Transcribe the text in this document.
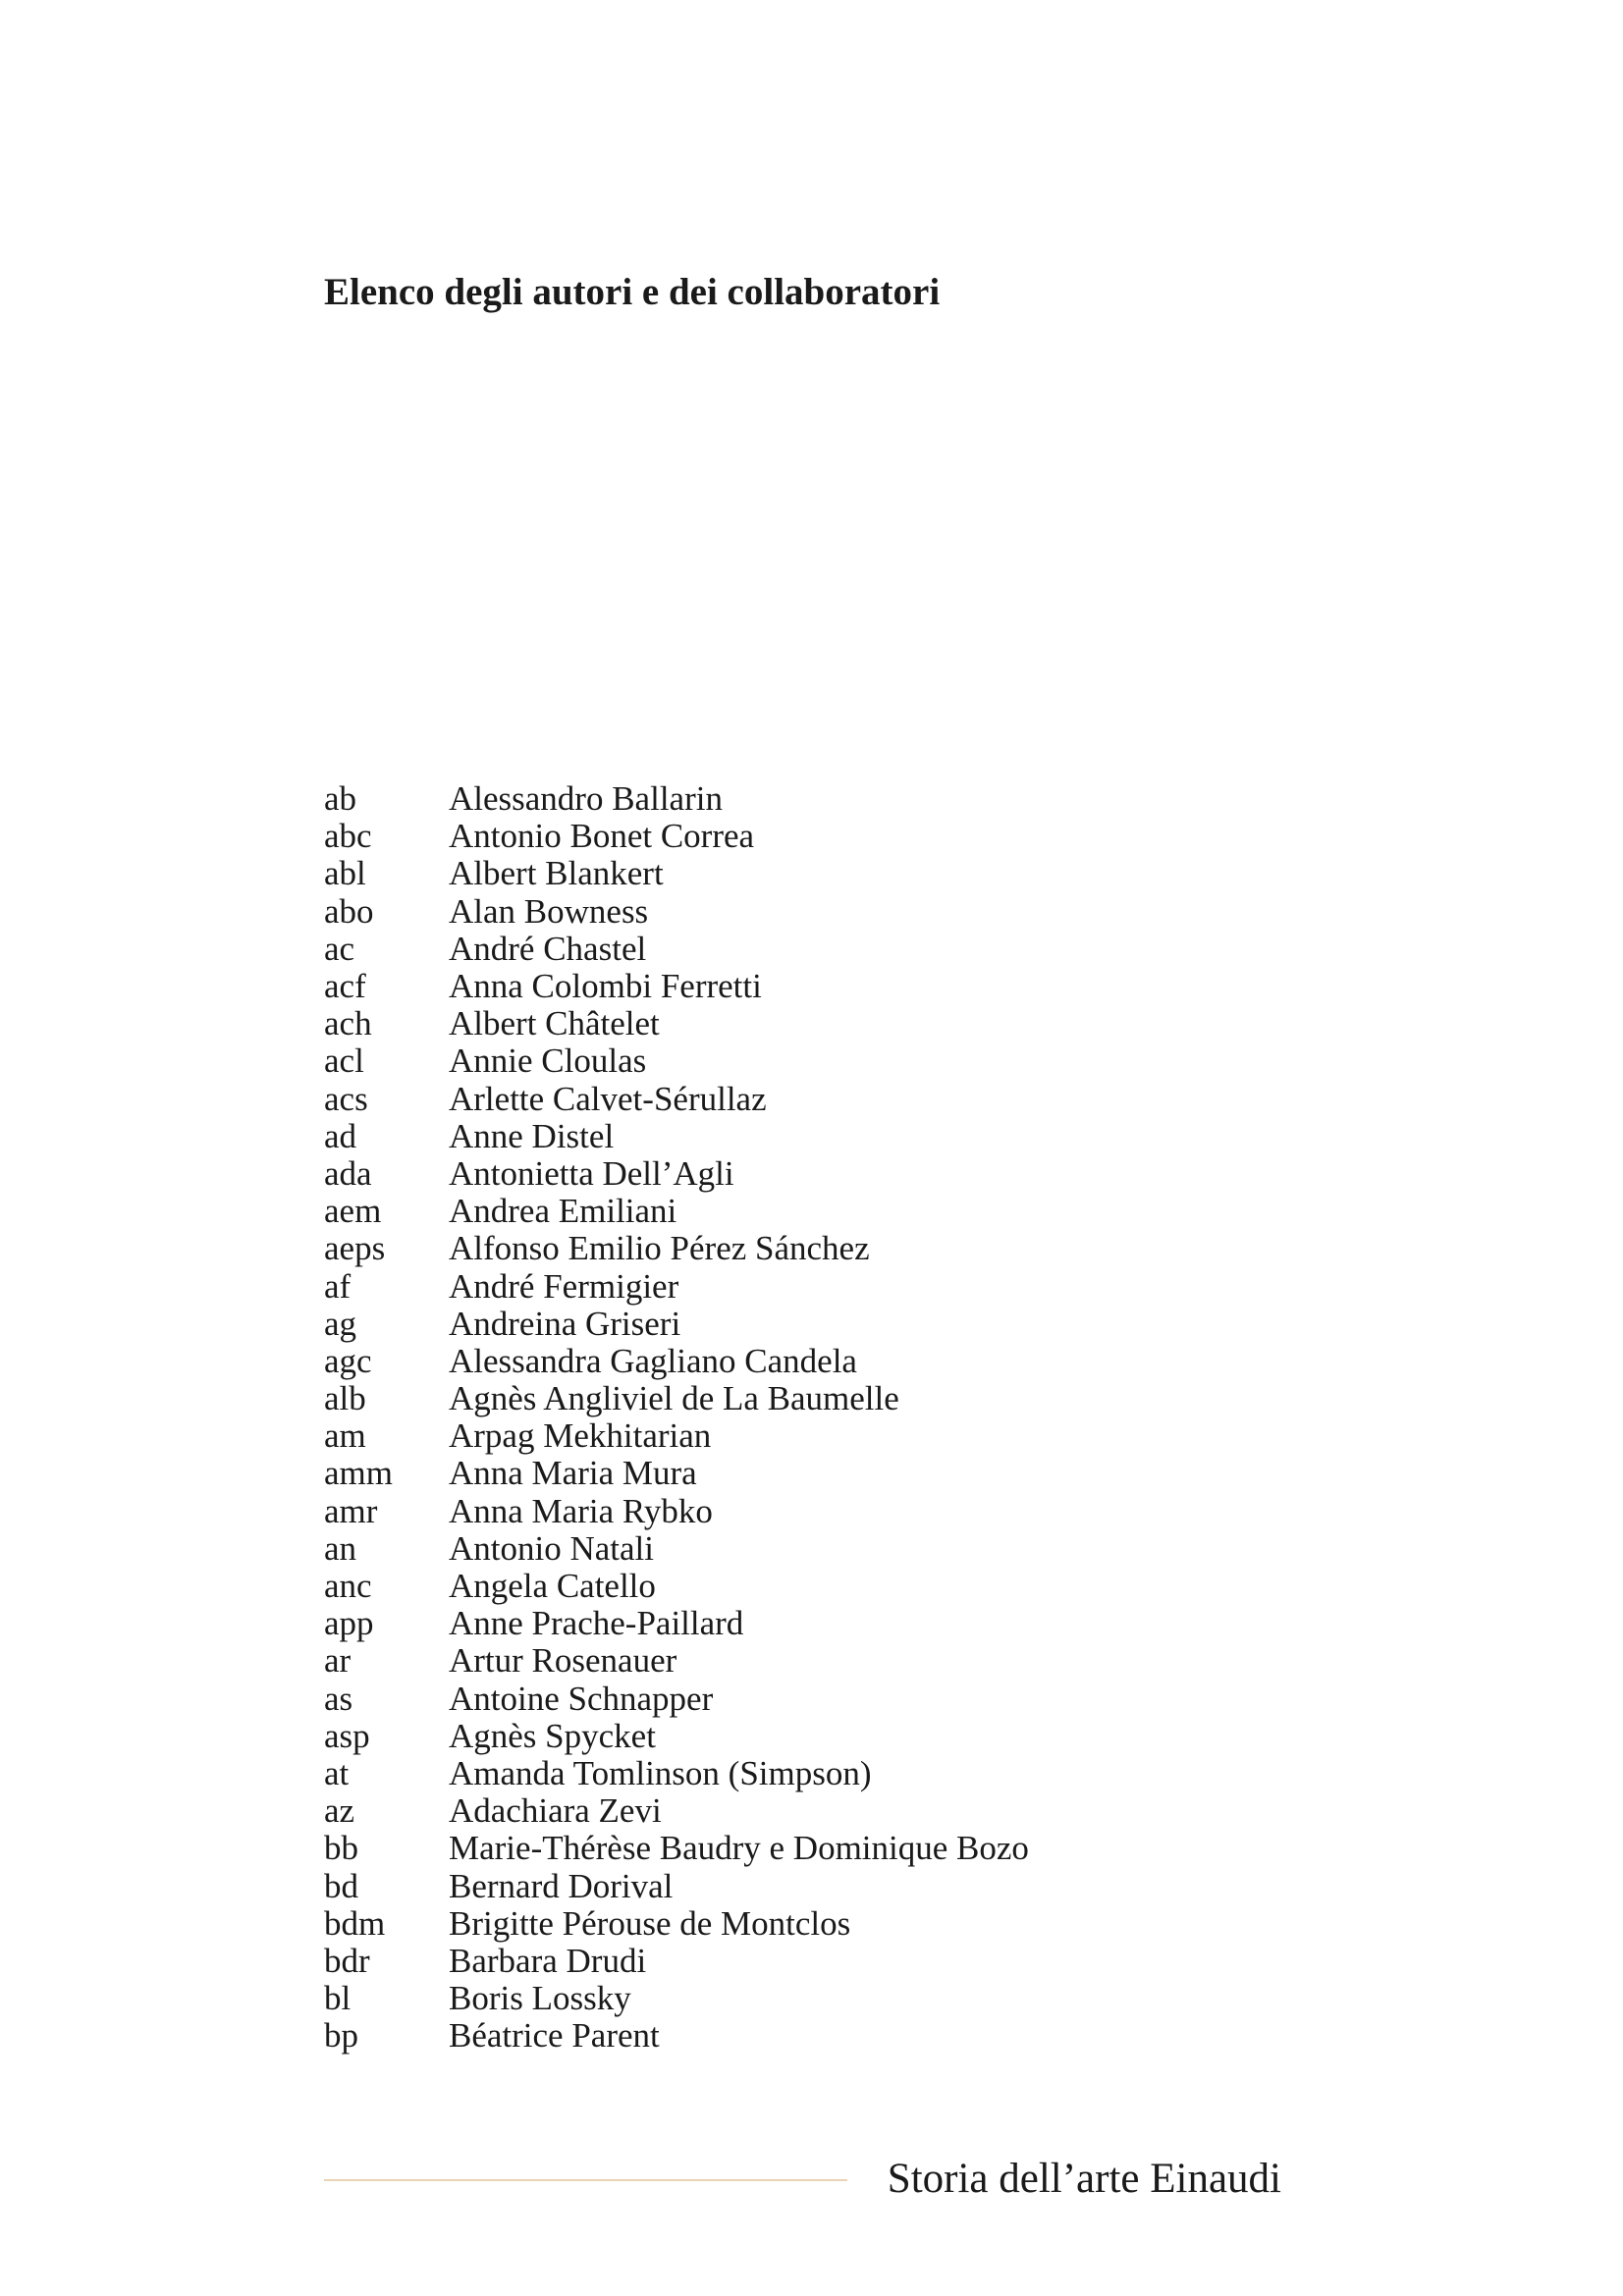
Elenco degli autori e dei collaboratori
ab	Alessandro Ballarin
abc	Antonio Bonet Correa
abl	Albert Blankert
abo	Alan Bowness
ac	André Chastel
acf	Anna Colombi Ferretti
ach	Albert Châtelet
acl	Annie Cloulas
acs	Arlette Calvet-Sérullaz
ad	Anne Distel
ada	Antonietta Dell’Agli
aem	Andrea Emiliani
aeps	Alfonso Emilio Pérez Sánchez
af	André Fermigier
ag	Andreina Griseri
agc	Alessandra Gagliano Candela
alb	Agnès Angliviel de La Baumelle
am	Arpag Mekhitarian
amm	Anna Maria Mura
amr	Anna Maria Rybko
an	Antonio Natali
anc	Angela Catello
app	Anne Prache-Paillard
ar	Artur Rosenauer
as	Antoine Schnapper
asp	Agnès Spycket
at	Amanda Tomlinson (Simpson)
az	Adachiara Zevi
bb	Marie-Thérèse Baudry e Dominique Bozo
bd	Bernard Dorival
bdm	Brigitte Pérouse de Montclos
bdr	Barbara Drudi
bl	Boris Lossky
bp	Béatrice Parent
Storia dell’arte Einaudi
